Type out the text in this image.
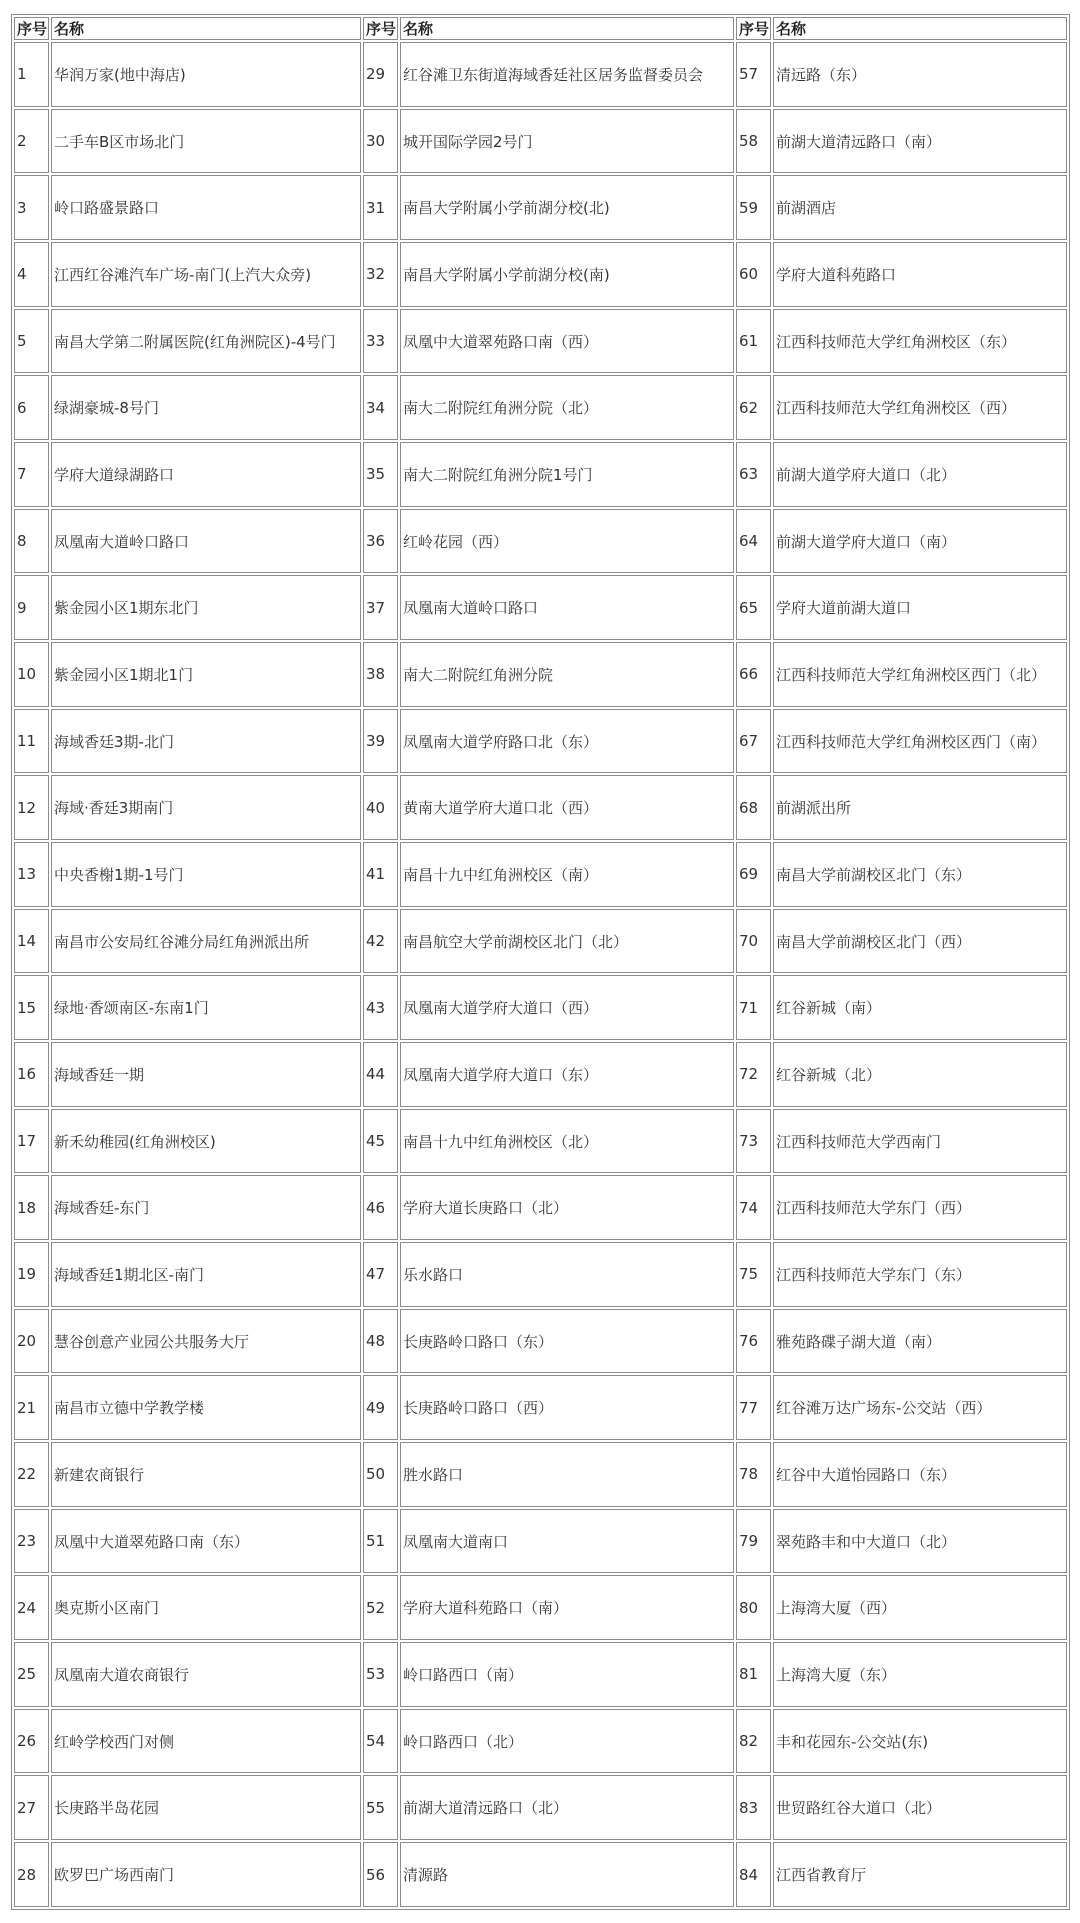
序号	名称	序号	名称	序号	名称
1	华润万家(地中海店)	29	红谷滩卫东街道海域香廷社区居务监督委员会	57	清远路（东）
2	二手车B区市场北门	30	城开国际学园2号门	58	前湖大道清远路口（南）
3	岭口路盛景路口	31	南昌大学附属小学前湖分校(北)	59	前湖酒店
4	江西红谷滩汽车广场-南门(上汽大众旁)	32	南昌大学附属小学前湖分校(南)	60	学府大道科苑路口
5	南昌大学第二附属医院(红角洲院区)-4号门	33	凤凰中大道翠苑路口南（西）	61	江西科技师范大学红角洲校区（东）
6	绿湖豪城-8号门	34	南大二附院红角洲分院（北）	62	江西科技师范大学红角洲校区（西）
7	学府大道绿湖路口	35	南大二附院红角洲分院1号门	63	前湖大道学府大道口（北）
8	凤凰南大道岭口路口	36	红岭花园（西）	64	前湖大道学府大道口（南）
9	紫金园小区1期东北门	37	凤凰南大道岭口路口	65	学府大道前湖大道口
10	紫金园小区1期北1门	38	南大二附院红角洲分院	66	江西科技师范大学红角洲校区西门（北）
11	海域香廷3期-北门	39	凤凰南大道学府路口北（东）	67	江西科技师范大学红角洲校区西门（南）
12	海域·香廷3期南门	40	黄南大道学府大道口北（西）	68	前湖派出所
13	中央香榭1期-1号门	41	南昌十九中红角洲校区（南）	69	南昌大学前湖校区北门（东）
14	南昌市公安局红谷滩分局红角洲派出所	42	南昌航空大学前湖校区北门（北）	70	南昌大学前湖校区北门（西）
15	绿地·香颂南区-东南1门	43	凤凰南大道学府大道口（西）	71	红谷新城（南）
16	海域香廷一期	44	凤凰南大道学府大道口（东）	72	红谷新城（北）
17	新禾幼稚园(红角洲校区)	45	南昌十九中红角洲校区（北）	73	江西科技师范大学西南门
18	海域香廷-东门	46	学府大道长庚路口（北）	74	江西科技师范大学东门（西）
19	海域香廷1期北区-南门	47	乐水路口	75	江西科技师范大学东门（东）
20	慧谷创意产业园公共服务大厅	48	长庚路岭口路口（东）	76	雅苑路碟子湖大道（南）
21	南昌市立德中学教学楼	49	长庚路岭口路口（西）	77	红谷滩万达广场东-公交站（西）
22	新建农商银行	50	胜水路口	78	红谷中大道怡园路口（东）
23	凤凰中大道翠苑路口南（东）	51	凤凰南大道南口	79	翠苑路丰和中大道口（北）
24	奥克斯小区南门	52	学府大道科苑路口（南）	80	上海湾大厦（西）
25	凤凰南大道农商银行	53	岭口路西口（南）	81	上海湾大厦（东）
26	红岭学校西门对侧	54	岭口路西口（北）	82	丰和花园东-公交站(东)
27	长庚路半岛花园	55	前湖大道清远路口（北）	83	世贸路红谷大道口（北）
28	欧罗巴广场西南门	56	清源路	84	江西省教育厅
